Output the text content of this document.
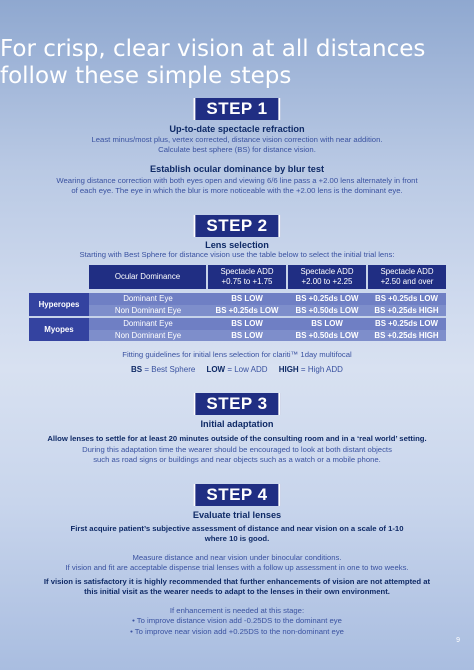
For crisp, clear vision at all distances
follow these simple steps
STEP 1
Up-to-date spectacle refraction
Least minus/most plus, vertex corrected, distance vision correction with near addition.
Calculate best sphere (BS) for distance vision.
Establish ocular dominance by blur test
Wearing distance correction with both eyes open and viewing 6/6 line pass a +2.00 lens alternately in front
of each eye. The eye in which the blur is more noticeable with the +2.00 lens is the dominant eye.
STEP 2
Lens selection
Starting with Best Sphere for distance vision use the table below to select the initial trial lens:
	Ocular Dominance	Spectacle ADD
+0.75 to +1.75	Spectacle ADD
+2.00 to +2.25	Spectacle ADD
+2.50 and over

Hyperopes	Dominant Eye	BS LOW	BS +0.25ds LOW	BS +0.25ds LOW
	Non Dominant Eye	BS +0.25ds LOW	BS +0.50ds LOW	BS +0.25ds HIGH
Myopes	Dominant Eye	BS LOW	BS LOW	BS +0.25ds LOW
	Non Dominant Eye	BS LOW	BS +0.50ds LOW	BS +0.25ds HIGH
Fitting guidelines for initial lens selection for clariti™ 1day multifocal
BS = Best Sphere LOW = Low ADD HIGH = High ADD
STEP 3
Initial adaptation
Allow lenses to settle for at least 20 minutes outside of the consulting room and in a ‘real world’ setting.
During this adaptation time the wearer should be encouraged to look at both distant objects
such as road signs or buildings and near objects such as a watch or a mobile phone.
STEP 4
Evaluate trial lenses
First acquire patient’s subjective assessment of distance and near vision on a scale of 1-10
where 10 is good.
Measure distance and near vision under binocular conditions.
If vision and fit are acceptable dispense trial lenses with a follow up assessment in one to two weeks.
If vision is satisfactory it is highly recommended that further enhancements of vision are not attempted at
this initial visit as the wearer needs to adapt to the lenses in their own environment.
If enhancement is needed at this stage:
• To improve distance vision add -0.25DS to the dominant eye
• To improve near vision add +0.25DS to the non-dominant eye
9
